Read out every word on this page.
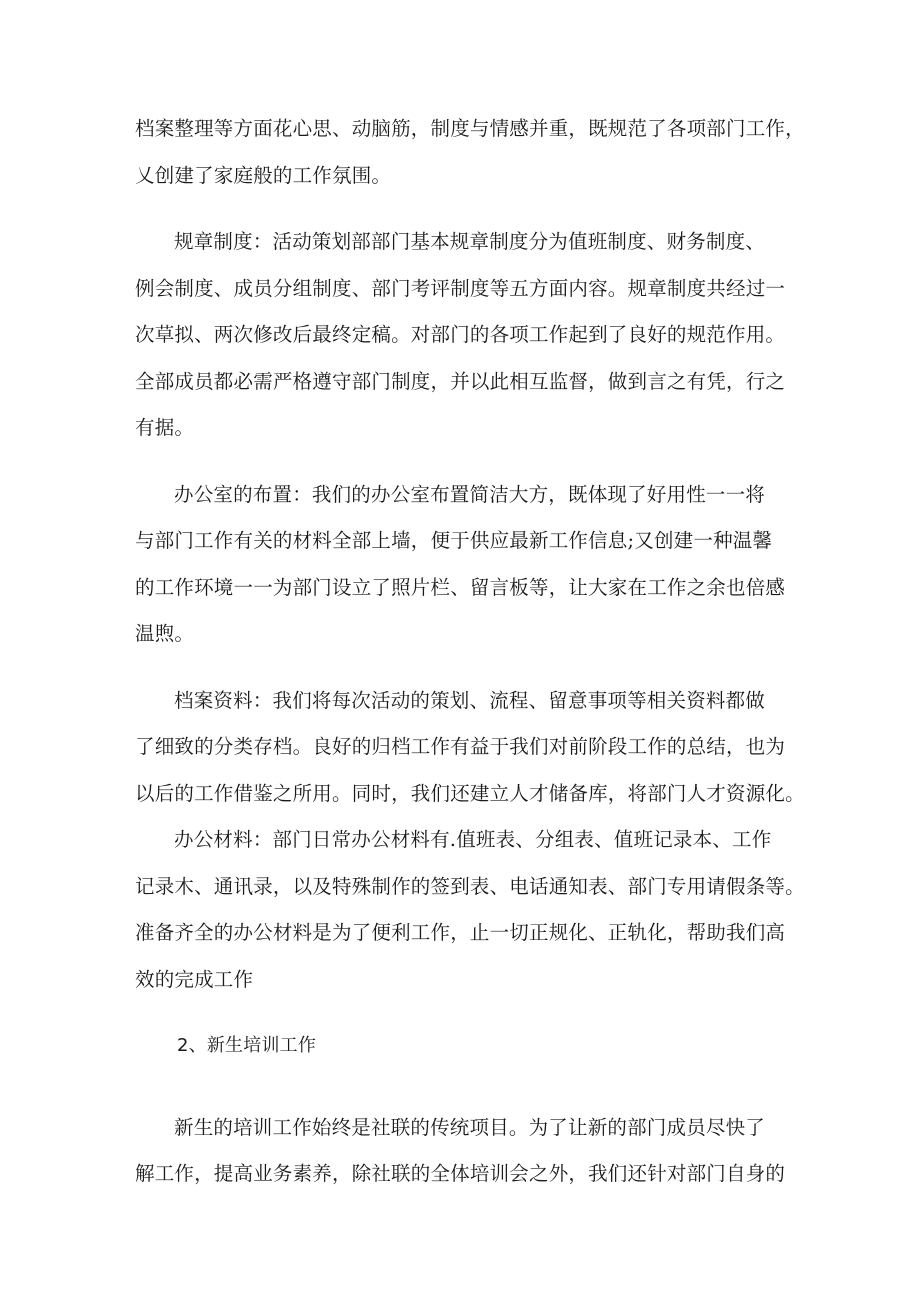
档案整理等方面花心思、动脑筋，制度与情感并重，既规范了各项部门工作，
乂创建了家庭般的工作氛围。
规章制度：活动策划部部门基本规章制度分为值班制度、财务制度、
例会制度、成员分组制度、部门考评制度等五方面内容。规章制度共经过一
次草拟、两次修改后最终定稿。对部门的各项工作起到了良好的规范作用。
全部成员都必需严格遵守部门制度，并以此相互监督，做到言之有凭，行之
有据。
办公室的布置：我们的办公室布置简洁大方，既体现了好用性一一将
与部门工作有关的材料全部上墙，便于供应最新工作信息;又创建一种温馨
的工作环境一一为部门设立了照片栏、留言板等，让大家在工作之余也倍感
温煦。
档案资料：我们将每次活动的策划、流程、留意事项等相关资料都做
了细致的分类存档。良好的归档工作有益于我们对前阶段工作的总结，也为
以后的工作借鉴之所用。同时，我们还建立人才储备库，将部门人才资源化。
办公材料：部门日常办公材料有.值班表、分组表、值班记录本、工作
记录木、通讯录，以及特殊制作的签到表、电话通知表、部门专用请假条等。
准备齐全的办公材料是为了便利工作，止一切正规化、正轨化，帮助我们高
效的完成工作
2、新生培训工作
新生的培训工作始终是社联的传统项目。为了让新的部门成员尽快了
解工作，提高业务素养，除社联的全体培训会之外，我们还针对部门自身的
